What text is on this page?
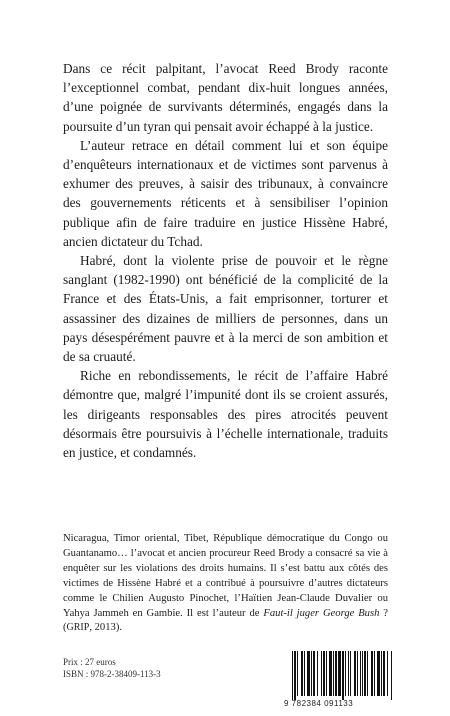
Dans ce récit palpitant, l’avocat Reed Brody raconte l’exceptionnel combat, pendant dix-huit longues années, d’une poignée de survivants déterminés, engagés dans la poursuite d’un tyran qui pensait avoir échappé à la justice.

L’auteur retrace en détail comment lui et son équipe d’enquêteurs internationaux et de victimes sont parvenus à exhumer des preuves, à saisir des tribunaux, à convaincre des gouvernements réticents et à sensibiliser l’opinion publique afin de faire traduire en justice Hissène Habré, ancien dictateur du Tchad.

Habré, dont la violente prise de pouvoir et le règne sanglant (1982-1990) ont bénéficié de la complicité de la France et des États-Unis, a fait emprisonner, torturer et assassiner des dizaines de milliers de personnes, dans un pays désespérément pauvre et à la merci de son ambition et de sa cruauté.

Riche en rebondissements, le récit de l’affaire Habré démontre que, malgré l’impunité dont ils se croient assurés, les dirigeants responsables des pires atrocités peuvent désormais être poursuivis à l’échelle internationale, traduits en justice, et condamnés.

Nicaragua, Timor oriental, Tibet, République démocratique du Congo ou Guantanamo… l’avocat et ancien procureur Reed Brody a consacré sa vie à enquêter sur les violations des droits humains. Il s’est battu aux côtés des victimes de Hissène Habré et a contribué à poursuivre d’autres dictateurs comme le Chilien Augusto Pinochet, l’Haïtien Jean-Claude Duvalier ou Yahya Jammeh en Gambie. Il est l’auteur de Faut-il juger George Bush ? (GRIP, 2013).

Prix : 27 euros
ISBN : 978-2-38409-113-3
9 782384 091133
